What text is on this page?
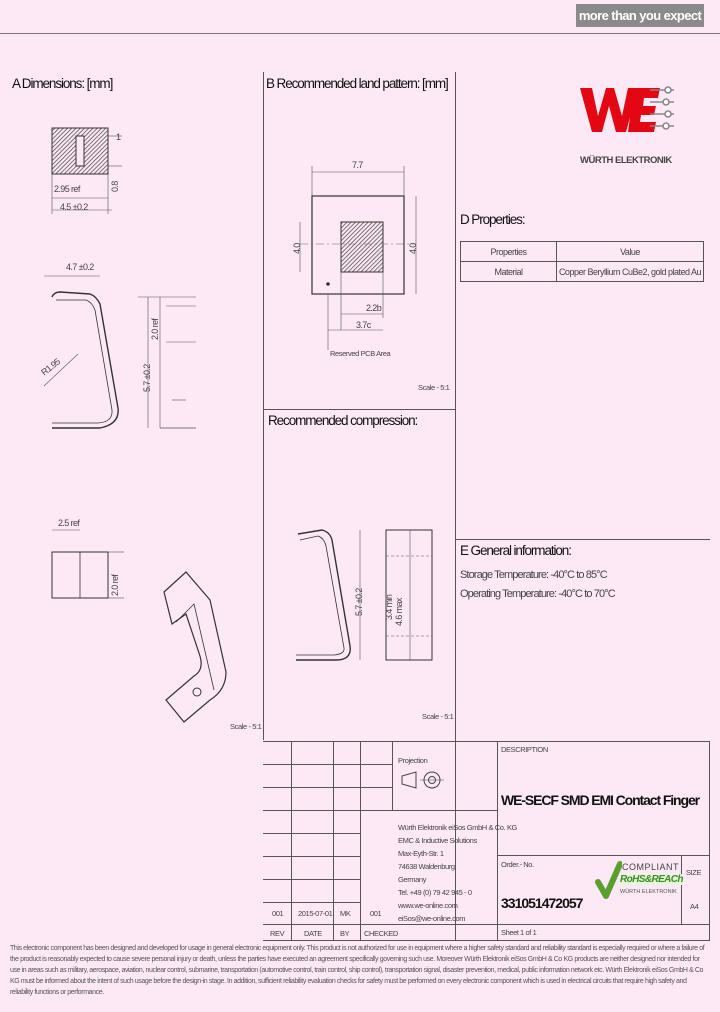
more than you expect
A Dimensions: [mm]
1
2.95 ref
4.5 ±0.2
0.8
4.7 ±0.2
R1.95	5.7 ±0.2
2.0 ref
2.5 ref
2.0 ref
Scale - 5:1
B Recommended land pattern: [mm]
7.7
4.0	4.0
2.2b
3.7c
Reserved PCB Area
Scale - 5:1
Recommended compression:
5.7 ±0.2 3.4 min 4.6 max
Scale - 5:1
WÜRTH ELEKTRONIK
D Properties:
Properties	Value
Material	Copper Beryllium CuBe2, gold plated Au
E General information:
Storage Temperature: -40°C to 85°C
Operating Temperature: -40°C to 70°C
Projection
Würth Elektronik eiSos GmbH & Co. KG
EMC & Inductive Solutions
Max-Eyth-Str. 1
74638 Waldenburg
Germany
Tel. +49 (0) 79 42 945 - 0
www.we-online.com
eiSos@we-online.com
001 2015-07-01 MK	001
REV	DATE BY CHECKED
DESCRIPTION
WE-SECF SMD EMI Contact Finger
Order.- No.
331051472057
SIZE
A4
Sheet 1 of 1
COMPLIANT
RoHS&REACh
WÜRTH ELEKTRONIK
This electronic component has been designed and developed for usage in general electronic equipment only. This product is not authorized for use in equipment where a higher safety standard and reliability standard is especially required or where a failure of the product is reasonably expected to cause severe personal injury or death, unless the parties have executed an agreement specifically governing such use. Moreover Würth Elektronik eiSos GmbH & Co KG products are neither designed nor intended for use in areas such as military, aerospace, aviation, nuclear control, submarine, transportation (automotive control, train control, ship control), transportation signal, disaster prevention, medical, public information network etc. Würth Elektronik eiSos GmbH & Co KG must be informed about the intent of such usage before the design-in stage. In addition, sufficient reliability evaluation checks for safety must be performed on every electronic component which is used in electrical circuits that require high safety and reliability functions or performance.
